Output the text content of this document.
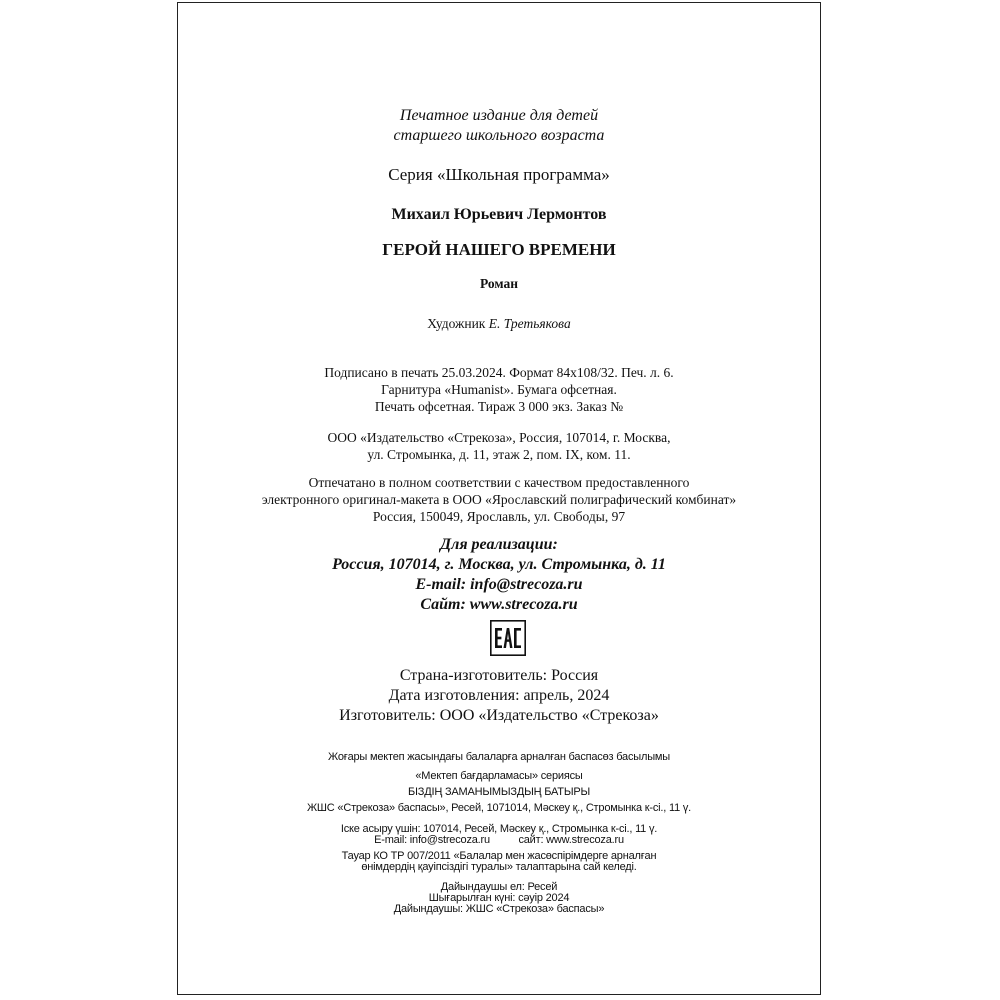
Печатное издание для детей
старшего школьного возраста
Серия «Школьная программа»
Михаил Юрьевич Лермонтов
ГЕРОЙ НАШЕГО ВРЕМЕНИ
Роман
Художник Е. Третьякова
Подписано в печать 25.03.2024. Формат 84х108/32. Печ. л. 6.
Гарнитура «Humanist». Бумага офсетная.
Печать офсетная. Тираж 3 000 экз. Заказ №
ООО «Издательство «Стрекоза», Россия, 107014, г. Москва,
ул. Стромынка, д. 11, этаж 2, пом. IX, ком. 11.
Отпечатано в полном соответствии с качеством предоставленного
электронного оригинал-макета в ООО «Ярославский полиграфический комбинат»
Россия, 150049, Ярославль, ул. Свободы, 97
Для реализации:
Россия, 107014, г. Москва, ул. Стромынка, д. 11
E-mail: info@strecoza.ru
Сайт: www.strecoza.ru
Страна-изготовитель: Россия
Дата изготовления: апрель, 2024
Изготовитель: ООО «Издательство «Стрекоза»
Жоғары мектеп жасындағы балаларға арналған баспасөз басылымы
«Мектеп бағдарламасы» сериясы
БІЗДІҢ ЗАМАНЫМЫЗДЫҢ БАТЫРЫ
ЖШС «Стрекоза» баспасы», Ресей, 1071014, Мәскеу қ., Стромынка к-сі., 11 ү.
Іске асыру үшін: 107014, Ресей, Мәскеу қ., Стромынка к-сі., 11 ү.
E-mail: info@strecoza.ru          сайт: www.strecoza.ru
Тауар КО ТР 007/2011 «Балалар мен жасөспірімдерге арналған
өнімдердің қауіпсіздігі туралы» талаптарына сай келеді.
Дайындаушы ел: Ресей
Шығарылған күні: сәуір 2024
Дайындаушы: ЖШС «Стрекоза» баспасы»
